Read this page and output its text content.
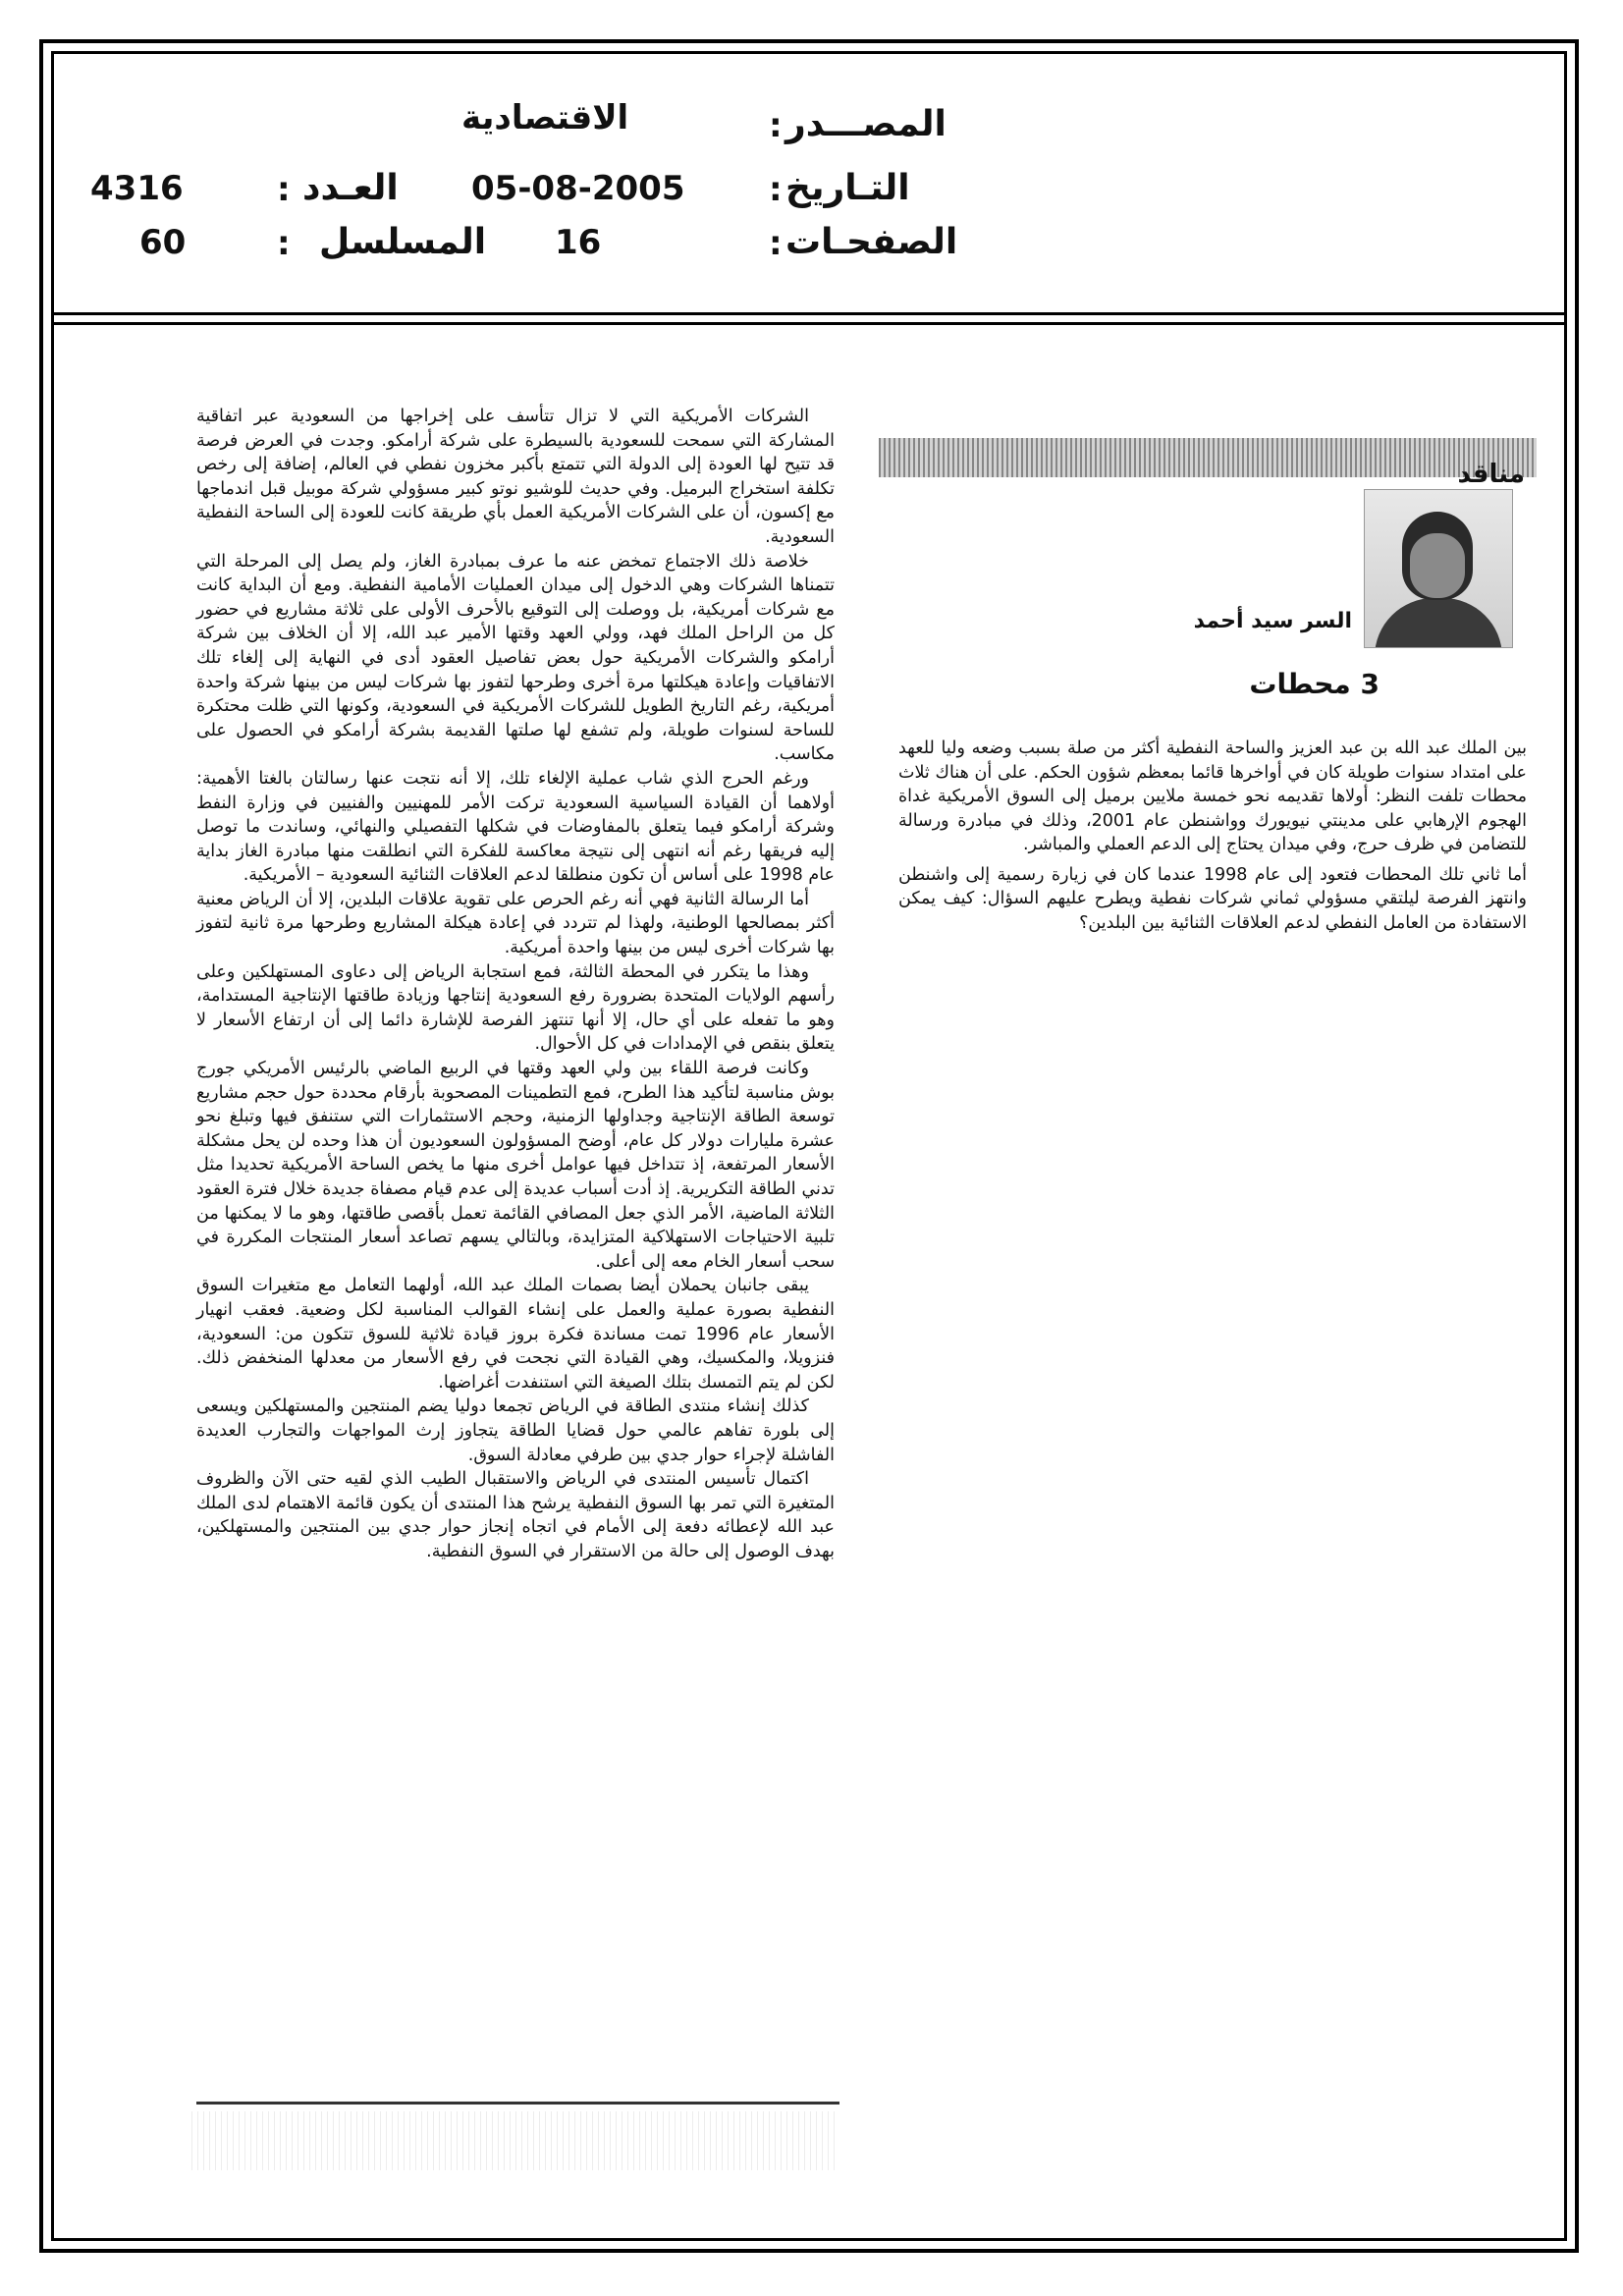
المصـــدر
:
الاقتصادية
التـاريخ
:
05-08-2005
العـدد
:
4316
الصفحـات
:
16
المسلسل
:
60
مناقد
السر سيد أحمد
3 محطات

بين الملك عبد الله بن عبد العزيز والساحة النفطية أكثر من صلة بسبب وضعه وليا للعهد على امتداد سنوات طويلة كان في أواخرها قائما بمعظم شؤون الحكم. على أن هناك ثلاث محطات تلفت النظر: أولاها تقديمه نحو خمسة ملايين برميل إلى السوق الأمريكية غداة الهجوم الإرهابي على مدينتي نيويورك وواشنطن عام 2001، وذلك في مبادرة ورسالة للتضامن في ظرف حرج، وفي ميدان يحتاج إلى الدعم العملي والمباشر.

أما ثاني تلك المحطات فتعود إلى عام 1998 عندما كان في زيارة رسمية إلى واشنطن وانتهز الفرصة ليلتقي مسؤولي ثماني شركات نفطية ويطرح عليهم السؤال: كيف يمكن الاستفادة من العامل النفطي لدعم العلاقات الثنائية بين البلدين؟

الشركات الأمريكية التي لا تزال تتأسف على إخراجها من السعودية عبر اتفاقية المشاركة التي سمحت للسعودية بالسيطرة على شركة أرامكو. وجدت في العرض فرصة قد تتيح لها العودة إلى الدولة التي تتمتع بأكبر مخزون نفطي في العالم، إضافة إلى رخص تكلفة استخراج البرميل. وفي حديث للوشيو نوتو كبير مسؤولي شركة موبيل قبل اندماجها مع إكسون، أن على الشركات الأمريكية العمل بأي طريقة كانت للعودة إلى الساحة النفطية السعودية.

خلاصة ذلك الاجتماع تمخض عنه ما عرف بمبادرة الغاز، ولم يصل إلى المرحلة التي تتمناها الشركات وهي الدخول إلى ميدان العمليات الأمامية النفطية. ومع أن البداية كانت مع شركات أمريكية، بل ووصلت إلى التوقيع بالأحرف الأولى على ثلاثة مشاريع في حضور كل من الراحل الملك فهد، وولي العهد وقتها الأمير عبد الله، إلا أن الخلاف بين شركة أرامكو والشركات الأمريكية حول بعض تفاصيل العقود أدى في النهاية إلى إلغاء تلك الاتفاقيات وإعادة هيكلتها مرة أخرى وطرحها لتفوز بها شركات ليس من بينها شركة واحدة أمريكية، رغم التاريخ الطويل للشركات الأمريكية في السعودية، وكونها التي ظلت محتكرة للساحة لسنوات طويلة، ولم تشفع لها صلتها القديمة بشركة أرامكو في الحصول على مكاسب.

ورغم الحرج الذي شاب عملية الإلغاء تلك، إلا أنه نتجت عنها رسالتان بالغتا الأهمية: أولاهما أن القيادة السياسية السعودية تركت الأمر للمهنيين والفنيين في وزارة النفط وشركة أرامكو فيما يتعلق بالمفاوضات في شكلها التفصيلي والنهائي، وساندت ما توصل إليه فريقها رغم أنه انتهى إلى نتيجة معاكسة للفكرة التي انطلقت منها مبادرة الغاز بداية عام 1998 على أساس أن تكون منطلقا لدعم العلاقات الثنائية السعودية – الأمريكية.

أما الرسالة الثانية فهي أنه رغم الحرص على تقوية علاقات البلدين، إلا أن الرياض معنية أكثر بمصالحها الوطنية، ولهذا لم تتردد في إعادة هيكلة المشاريع وطرحها مرة ثانية لتفوز بها شركات أخرى ليس من بينها واحدة أمريكية.

وهذا ما يتكرر في المحطة الثالثة، فمع استجابة الرياض إلى دعاوى المستهلكين وعلى رأسهم الولايات المتحدة بضرورة رفع السعودية إنتاجها وزيادة طاقتها الإنتاجية المستدامة، وهو ما تفعله على أي حال، إلا أنها تنتهز الفرصة للإشارة دائما إلى أن ارتفاع الأسعار لا يتعلق بنقص في الإمدادات في كل الأحوال.

وكانت فرصة اللقاء بين ولي العهد وقتها في الربيع الماضي بالرئيس الأمريكي جورج بوش مناسبة لتأكيد هذا الطرح، فمع التطمينات المصحوبة بأرقام محددة حول حجم مشاريع توسعة الطاقة الإنتاجية وجداولها الزمنية، وحجم الاستثمارات التي ستنفق فيها وتبلغ نحو عشرة مليارات دولار كل عام، أوضح المسؤولون السعوديون أن هذا وحده لن يحل مشكلة الأسعار المرتفعة، إذ تتداخل فيها عوامل أخرى منها ما يخص الساحة الأمريكية تحديدا مثل تدني الطاقة التكريرية. إذ أدت أسباب عديدة إلى عدم قيام مصفاة جديدة خلال فترة العقود الثلاثة الماضية، الأمر الذي جعل المصافي القائمة تعمل بأقصى طاقتها، وهو ما لا يمكنها من تلبية الاحتياجات الاستهلاكية المتزايدة، وبالتالي يسهم تصاعد أسعار المنتجات المكررة في سحب أسعار الخام معه إلى أعلى.

يبقى جانبان يحملان أيضا بصمات الملك عبد الله، أولهما التعامل مع متغيرات السوق النفطية بصورة عملية والعمل على إنشاء القوالب المناسبة لكل وضعية. فعقب انهيار الأسعار عام 1996 تمت مساندة فكرة بروز قيادة ثلاثية للسوق تتكون من: السعودية، فنزويلا، والمكسيك، وهي القيادة التي نجحت في رفع الأسعار من معدلها المنخفض ذلك. لكن لم يتم التمسك بتلك الصيغة التي استنفدت أغراضها.

كذلك إنشاء منتدى الطاقة في الرياض تجمعا دوليا يضم المنتجين والمستهلكين ويسعى إلى بلورة تفاهم عالمي حول قضايا الطاقة يتجاوز إرث المواجهات والتجارب العديدة الفاشلة لإجراء حوار جدي بين طرفي معادلة السوق.

اكتمال تأسيس المنتدى في الرياض والاستقبال الطيب الذي لقيه حتى الآن والظروف المتغيرة التي تمر بها السوق النفطية يرشح هذا المنتدى أن يكون قائمة الاهتمام لدى الملك عبد الله لإعطائه دفعة إلى الأمام في اتجاه إنجاز حوار جدي بين المنتجين والمستهلكين، بهدف الوصول إلى حالة من الاستقرار في السوق النفطية.
